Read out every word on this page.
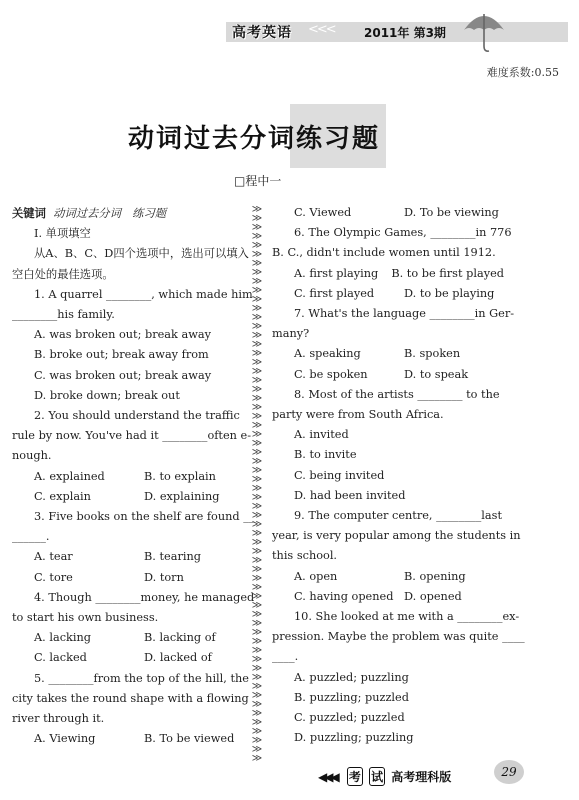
高考英语 <<< 2011年 第3期
难度系数:0.55
动词过去分词练习题
□程中一

关键词 动词过去分词　练习题

Ⅰ. 单项填空

从A、B、C、D四个选项中，选出可以填入

空白处的最佳选项。

1. A quarrel ________, which made him

________his family.

A. was broken out; break away

B. broke out; break away from

C. was broken out; break away

D. broke down; break out

2. You should understand the traffic

rule by now. You've had it ________often e-

nough.

A. explained	B. to explain

C. explain	D. explaining

3. Five books on the shelf are found __

______.

A. tear	B. tearing

C. tore	D. torn

4. Though ________money, he managed

to start his own business.

A. lacking	B. lacking of

C. lacked	D. lacked of

5. ________from the top of the hill, the

city takes the round shape with a flowing

river through it.

A. Viewing	B. To be viewed

≫
≫
≫
≫
≫
≫
≫
≫
≫
≫
≫
≫
≫
≫
≫
≫
≫
≫
≫
≫
≫
≫
≫
≫
≫
≫
≫
≫
≫
≫
≫
≫
≫
≫
≫
≫
≫
≫
≫
≫
≫
≫
≫
≫
≫
≫
≫
≫
≫
≫
≫
≫
≫
≫
≫
≫
≫
≫
≫
≫
≫
≫

C. Viewed	D. To be viewing

6. The Olympic Games, ________in 776

B. C., didn't include women until 1912.

A. first playing	B. to be first played

C. first played	D. to be playing

7. What's the language ________in Ger-

many?

A. speaking	B. spoken

C. be spoken	D. to speak

8. Most of the artists ________ to the

party were from South Africa.

A. invited

B. to invite

C. being invited

D. had been invited

9. The computer centre, ________last

year, is very popular among the students in

this school.

A. open	B. opening

C. having opened D. opened

10. She looked at me with a ________ex-

pression. Maybe the problem was quite ____

____.

A. puzzled; puzzling

B. puzzling; puzzled

C. puzzled; puzzled

D. puzzling; puzzling

◀◀◀ 考 试 高考理科版	29
